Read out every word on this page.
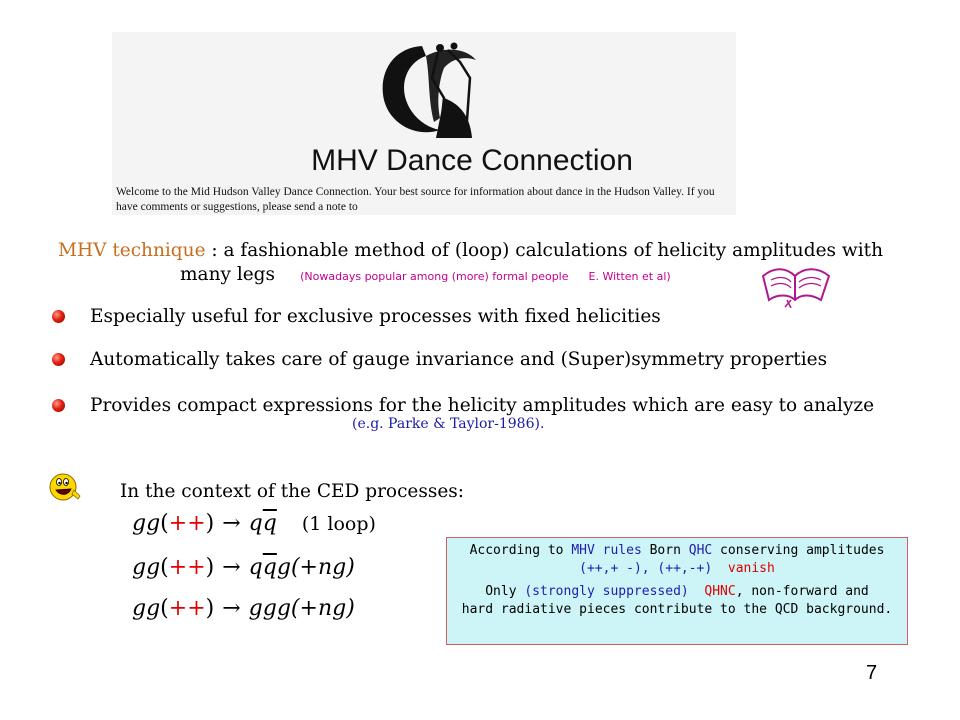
MHV Dance Connection
Welcome to the Mid Hudson Valley Dance Connection. Your best source for information about dance in the Hudson Valley. If you have comments or suggestions, please send a note to
MHV technique : a fashionable method of (loop) calculations of helicity amplitudes with
many legs (Nowadays popular among (more) formal people E. Witten et al)
Especially useful for exclusive processes with fixed helicities
Automatically takes care of gauge invariance and (Super)symmetry properties
Provides compact expressions for the helicity amplitudes which are easy to analyze
(e.g. Parke & Taylor-1986).
In the context of the CED processes:
$gg(++) \to q\overline{q}$ (1 loop)
$gg(++) \to q\overline{q}g(+ng)$
gg(++) → ggg(+ng)
According to MHV rules Born QHC conserving amplitudes
(++,+ -), (++,-+) vanish
Only (strongly suppressed) QHNC, non-forward and
hard radiative pieces contribute to the QCD background.
7
